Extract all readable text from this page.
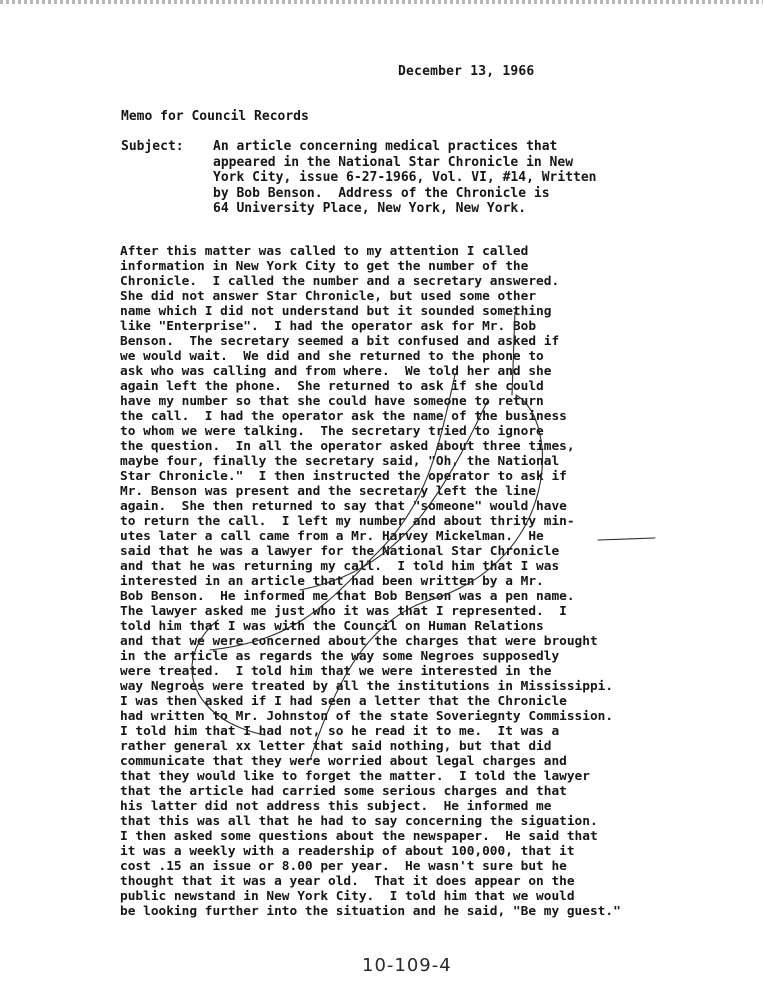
December 13, 1966
Memo for Council Records
Subject: An article concerning medical practices that
appeared in the National Star Chronicle in New
York City, issue 6-27-1966, Vol. VI, #14, Written
by Bob Benson.  Address of the Chronicle is
64 University Place, New York, New York.
After this matter was called to my attention I called
information in New York City to get the number of the
Chronicle.  I called the number and a secretary answered.
She did not answer Star Chronicle, but used some other
name which I did not understand but it sounded something
like "Enterprise".  I had the operator ask for Mr. Bob
Benson.  The secretary seemed a bit confused and asked if
we would wait.  We did and she returned to the phone to
ask who was calling and from where.  We told her and she
again left the phone.  She returned to ask if she could
have my number so that she could have someone to return
the call.  I had the operator ask the name of the business
to whom we were talking.  The secretary tried to ignore
the question.  In all the operator asked about three times,
maybe four, finally the secretary said, "Oh, the National
Star Chronicle."  I then instructed the operator to ask if
Mr. Benson was present and the secretary left the line
again.  She then returned to say that "someone" would have
to return the call.  I left my number and about thrity min-
utes later a call came from a Mr. Harvey Mickelman.  He
said that he was a lawyer for the National Star Chronicle
and that he was returning my call.  I told him that I was
interested in an article that had been written by a Mr.
Bob Benson.  He informed me that Bob Benson was a pen name.
The lawyer asked me just who it was that I represented.  I
told him that I was with the Council on Human Relations
and that we were concerned about the charges that were brought
in the article as regards the way some Negroes supposedly
were treated.  I told him that we were interested in the
way Negroes were treated by all the institutions in Mississippi.
I was then asked if I had seen a letter that the Chronicle
had written to Mr. Johnston of the state Soveriegnty Commission.
I told him that I had not, so he read it to me.  It was a
rather general xx letter that said nothing, but that did
communicate that they were worried about legal charges and
that they would like to forget the matter.  I told the lawyer
that the article had carried some serious charges and that
his latter did not address this subject.  He informed me
that this was all that he had to say concerning the siguation.
I then asked some questions about the newspaper.  He said that
it was a weekly with a readership of about 100,000, that it
cost .15 an issue or 8.00 per year.  He wasn't sure but he
thought that it was a year old.  That it does appear on the
public newstand in New York City.  I told him that we would
be looking further into the situation and he said, "Be my guest."
10-109-4
